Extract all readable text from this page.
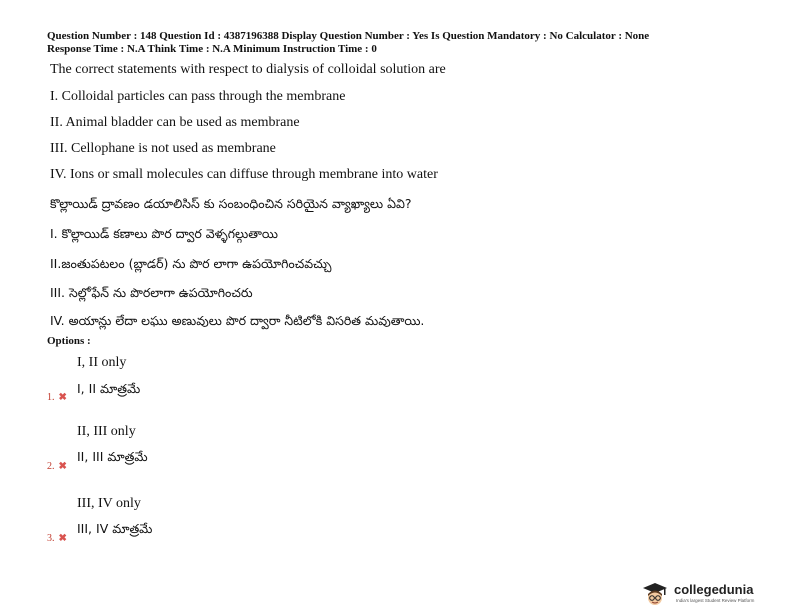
Question Number : 148 Question Id : 4387196388 Display Question Number : Yes Is Question Mandatory : No Calculator : None
Response Time : N.A Think Time : N.A Minimum Instruction Time : 0
The correct statements with respect to dialysis of colloidal solution are
I. Colloidal particles can pass through the membrane
II. Animal bladder can be used as membrane
III. Cellophane is not used as membrane
IV. Ions or small molecules can diffuse through membrane into water
కొల్లాయిడ్ ద్రావణం డయాలిసిస్ కు సంబంధించిన సరియైన వ్యాఖ్యాలు ఏవి?
I. కొల్లాయిడ్ కణాలు పొర ద్వార వెళ్ళగల్గుతాయి
II.జంతుపటలం (బ్లాడర్) ను పొర లాగా ఉపయోగించవచ్చు
III. సెల్లోఫేన్ ను పొరలాగా ఉపయోగించరు
IV. అయాన్లు లేదా లఘు అణువులు పొర ద్వారా నీటిలోకి విసరిత మవుతాయి.
Options :
I, II only
I, II మాత్రమే
1. ✖
II, III only
II, III మాత్రమే
2. ✖
III, IV only
III, IV మాత్రమే
3. ✖
collegedunia
India's largest Student Review Platform
